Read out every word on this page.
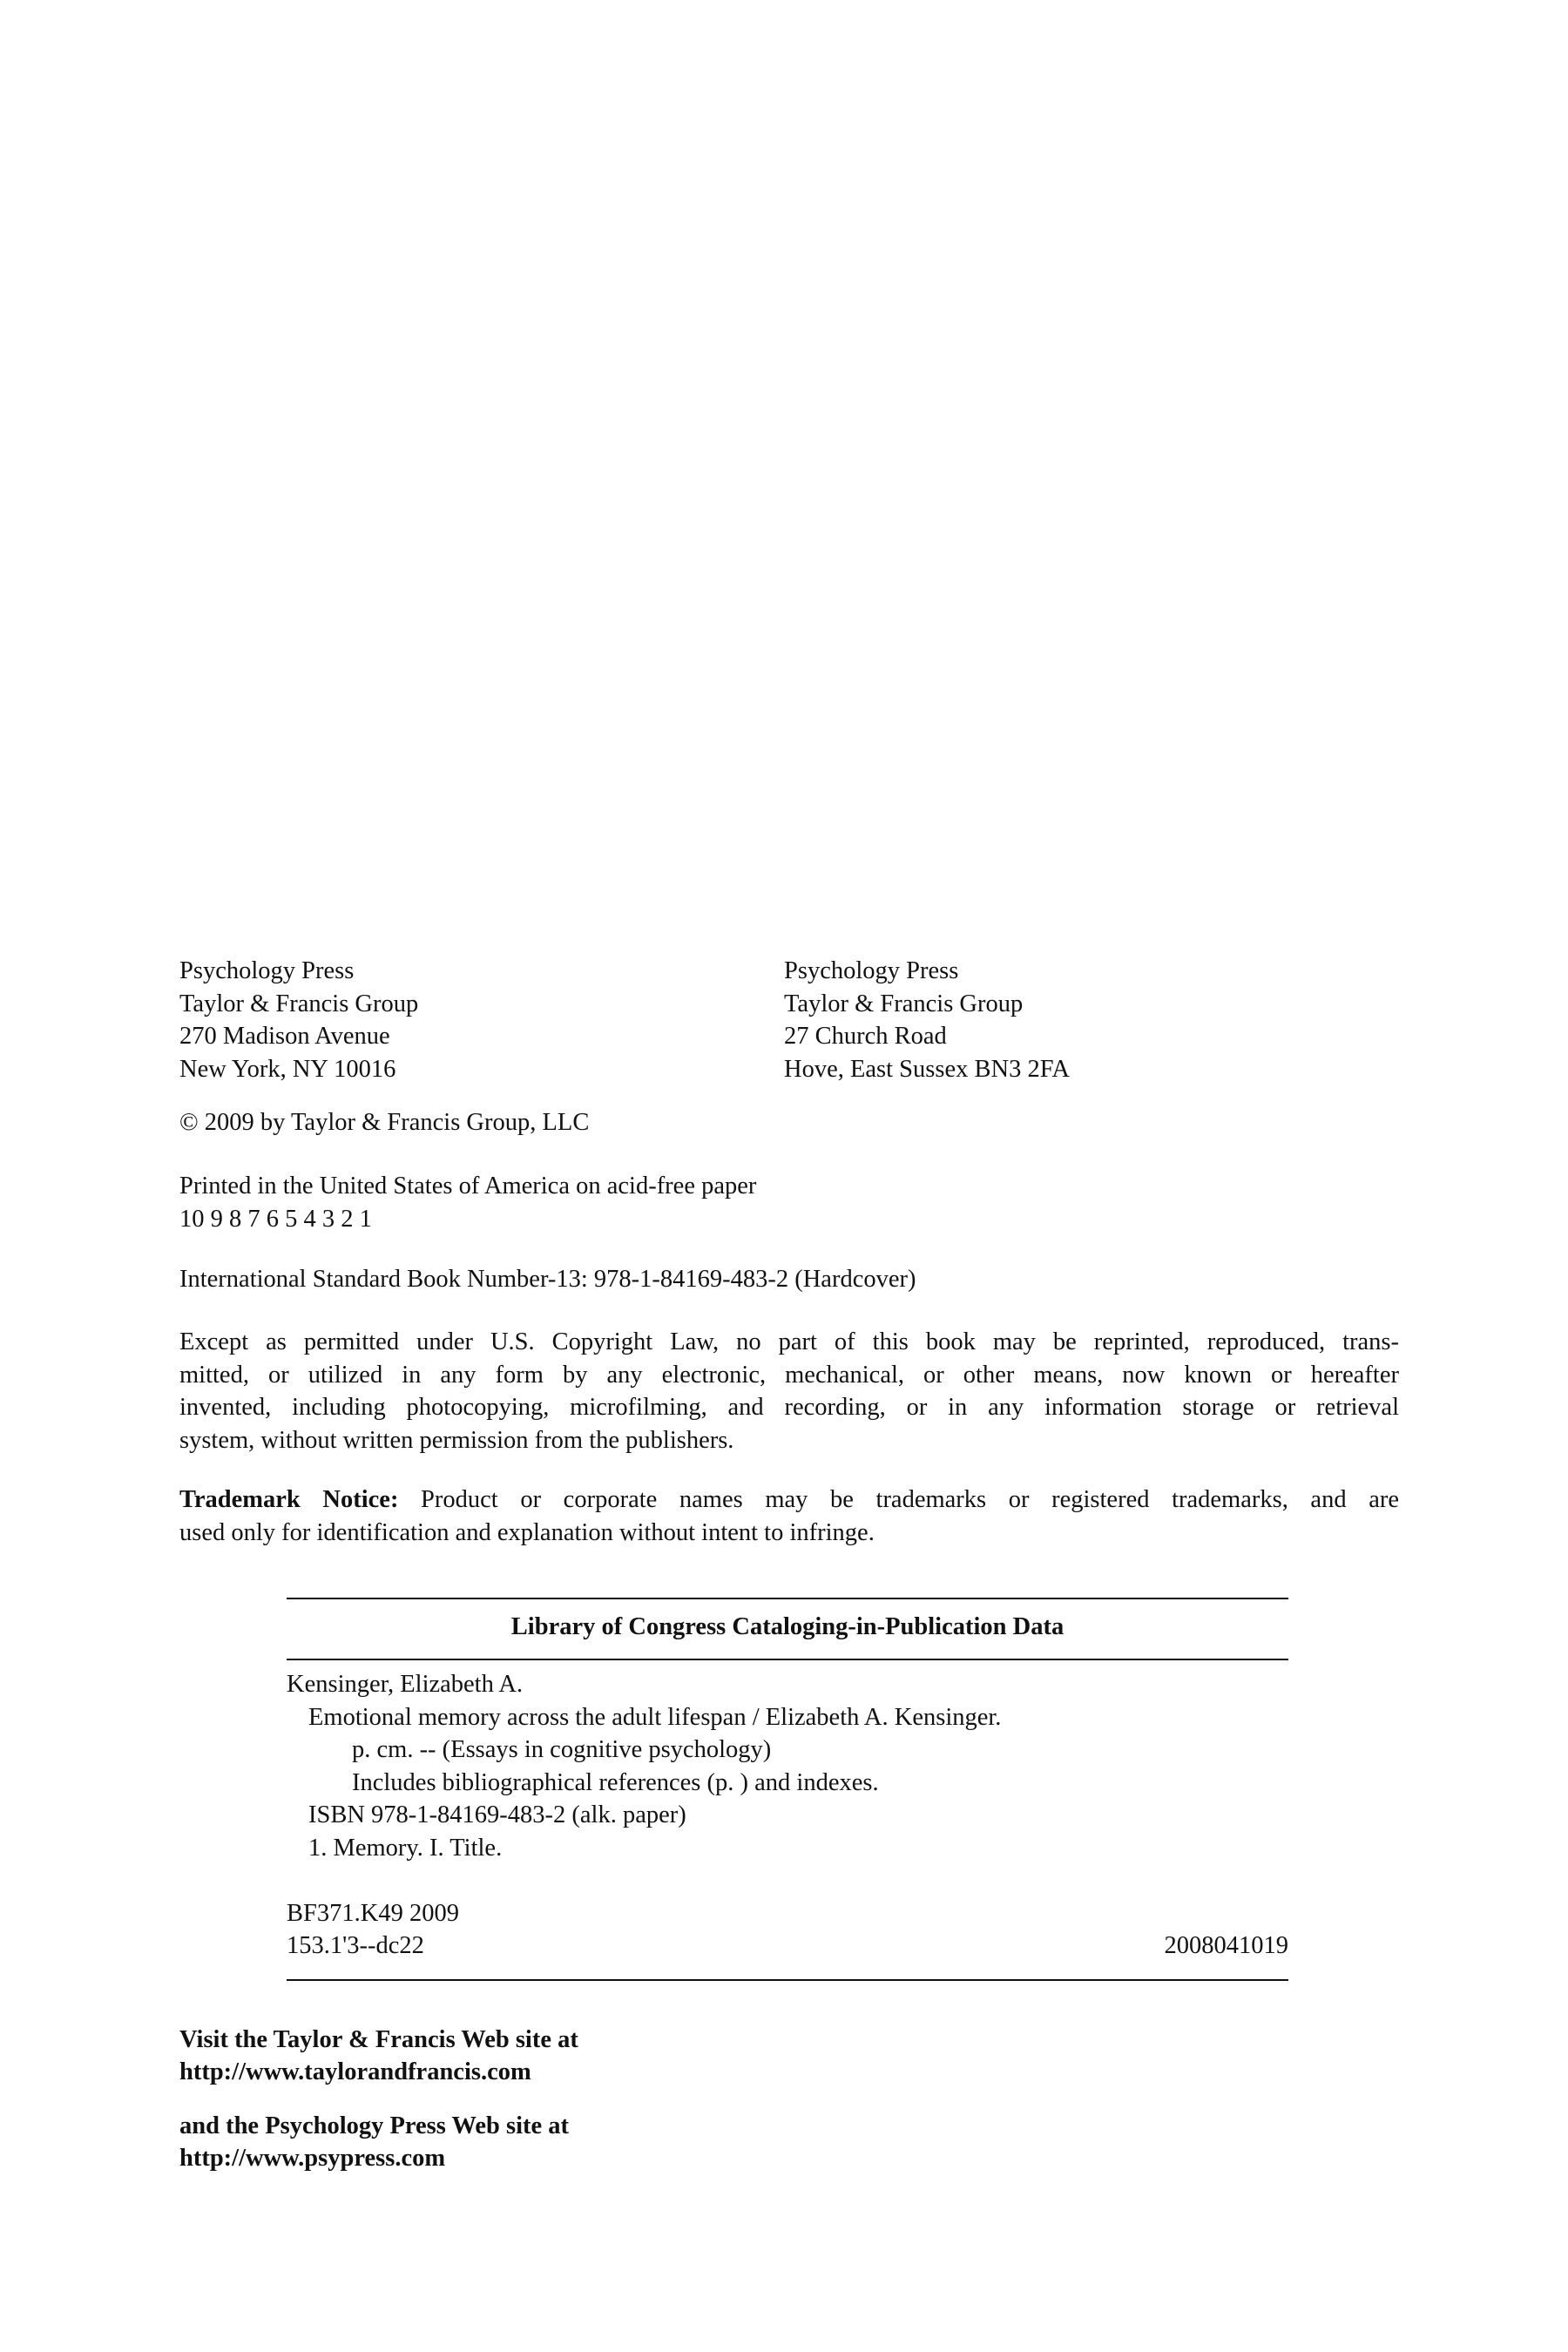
Psychology Press
Taylor & Francis Group
270 Madison Avenue
New York, NY 10016
Psychology Press
Taylor & Francis Group
27 Church Road
Hove, East Sussex BN3 2FA
© 2009 by Taylor & Francis Group, LLC
Printed in the United States of America on acid-free paper
10 9 8 7 6 5 4 3 2 1
International Standard Book Number-13: 978-1-84169-483-2 (Hardcover)
Except as permitted under U.S. Copyright Law, no part of this book may be reprinted, reproduced, trans-
mitted, or utilized in any form by any electronic, mechanical, or other means, now known or hereafter
invented, including photocopying, microfilming, and recording, or in any information storage or retrieval
system, without written permission from the publishers.
Trademark Notice: Product or corporate names may be trademarks or registered trademarks, and are
used only for identification and explanation without intent to infringe.
Library of Congress Cataloging-in-Publication Data
Kensinger, Elizabeth A.
Emotional memory across the adult lifespan / Elizabeth A. Kensinger.
p. cm. -- (Essays in cognitive psychology)
Includes bibliographical references (p. ) and indexes.
ISBN 978-1-84169-483-2 (alk. paper)
1. Memory. I. Title.
BF371.K49 2009
153.1'3--dc22	2008041019
Visit the Taylor & Francis Web site at
http://www.taylorandfrancis.com
and the Psychology Press Web site at
http://www.psypress.com
